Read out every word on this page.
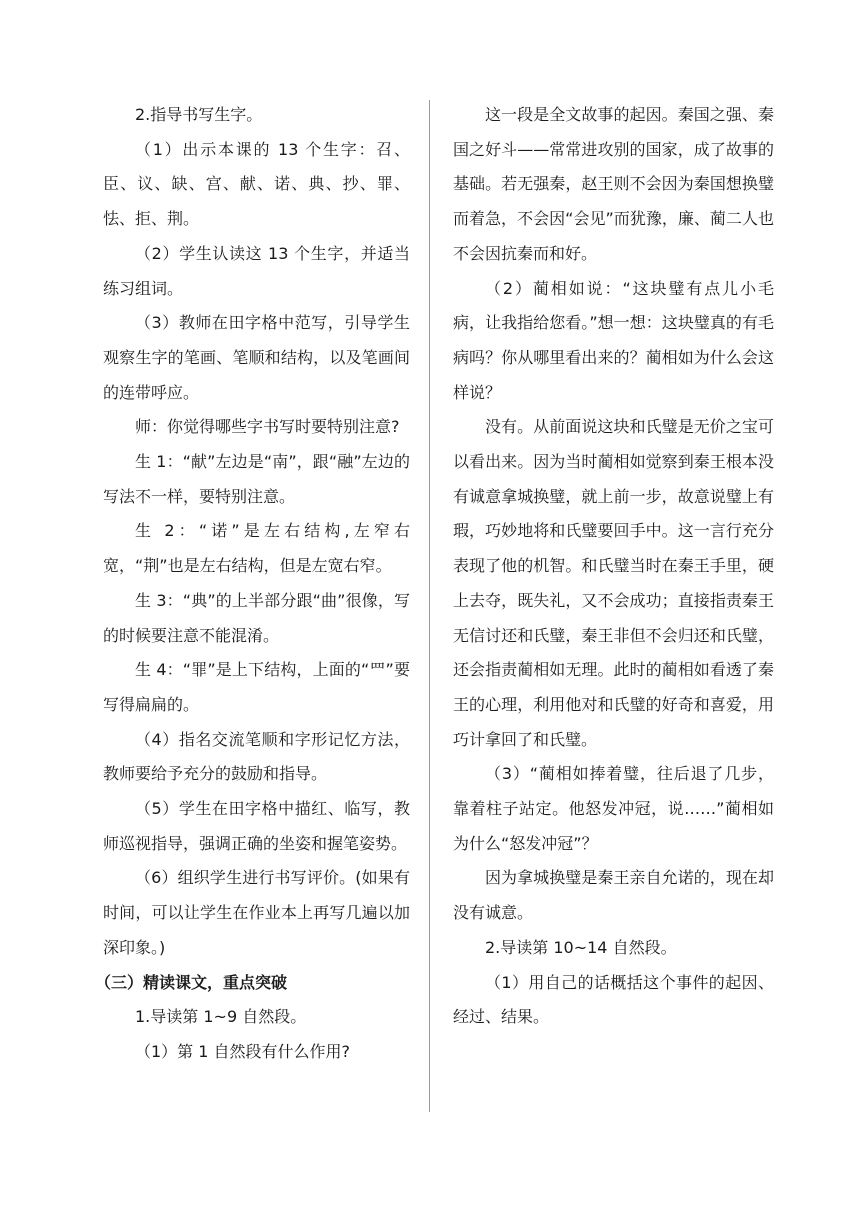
2.指导书写生字。

（1）出示本课的 13 个生字：召、臣、议、缺、宫、献、诺、典、抄、罪、怯、拒、荆。

（2）学生认读这 13 个生字，并适当练习组词。

（3）教师在田字格中范写，引导学生观察生字的笔画、笔顺和结构，以及笔画间的连带呼应。

师：你觉得哪些字书写时要特别注意?

生 1：“献”左边是“南”，跟“融”左边的写法不一样，要特别注意。

生 2：“诺”是左右结构,左窄右宽，“荆”也是左右结构，但是左宽右窄。

生 3：“典”的上半部分跟“曲”很像，写的时候要注意不能混淆。

生 4：“罪”是上下结构，上面的“罒”要写得扁扁的。

（4）指名交流笔顺和字形记忆方法，教师要给予充分的鼓励和指导。

（5）学生在田字格中描红、临写，教师巡视指导，强调正确的坐姿和握笔姿势。

（6）组织学生进行书写评价。(如果有时间，可以让学生在作业本上再写几遍以加深印象。)

（三）精读课文，重点突破

1.导读第 1~9 自然段。

（1）第 1 自然段有什么作用?

这一段是全文故事的起因。秦国之强、秦国之好斗——常常进攻别的国家，成了故事的基础。若无强秦，赵王则不会因为秦国想换璧而着急，不会因“会见”而犹豫，廉、蔺二人也不会因抗秦而和好。

（2）蔺相如说：“这块璧有点儿小毛病，让我指给您看。”想一想：这块璧真的有毛病吗？你从哪里看出来的？蔺相如为什么会这样说？

没有。从前面说这块和氏璧是无价之宝可以看出来。因为当时蔺相如觉察到秦王根本没有诚意拿城换璧，就上前一步，故意说璧上有瑕，巧妙地将和氏璧要回手中。这一言行充分表现了他的机智。和氏璧当时在秦王手里，硬上去夺，既失礼，又不会成功；直接指责秦王无信讨还和氏璧，秦王非但不会归还和氏璧，还会指责蔺相如无理。此时的蔺相如看透了秦王的心理，利用他对和氏璧的好奇和喜爱，用巧计拿回了和氏璧。

（3）“蔺相如捧着璧，往后退了几步，靠着柱子站定。他怒发冲冠，说……”蔺相如为什么“怒发冲冠”？

因为拿城换璧是秦王亲自允诺的，现在却没有诚意。

2.导读第 10~14 自然段。

（1）用自己的话概括这个事件的起因、经过、结果。
